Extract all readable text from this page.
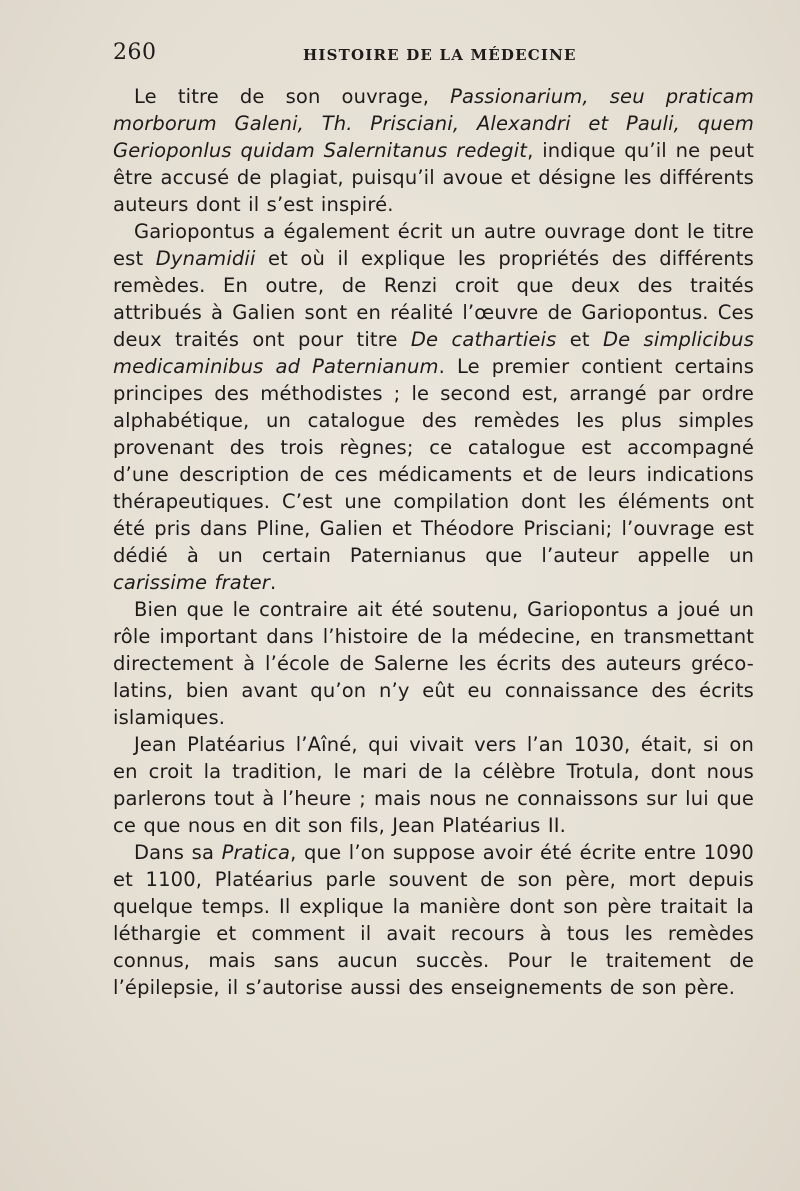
260	HISTOIRE DE LA MÉDECINE

Le titre de son ouvrage, Passionarium, seu praticam morborum Galeni, Th. Prisciani, Alexandri et Pauli, quem Gerioponlus quidam Salernitanus redegit, indique qu’il ne peut être accusé de plagiat, puisqu’il avoue et désigne les différents auteurs dont il s’est inspiré.

Gariopontus a également écrit un autre ouvrage dont le titre est Dynamidii et où il explique les propriétés des différents remèdes. En outre, de Renzi croit que deux des traités attribués à Galien sont en réalité l’œuvre de Gariopontus. Ces deux traités ont pour titre De cathartieis et De simplicibus medicaminibus ad Paternianum. Le premier contient certains principes des méthodistes ; le second est, arrangé par ordre alphabétique, un catalogue des remèdes les plus simples provenant des trois règnes; ce catalogue est accompagné d’une description de ces médicaments et de leurs indications thérapeutiques. C’est une compilation dont les éléments ont été pris dans Pline, Galien et Théodore Prisciani; l’ouvrage est dédié à un certain Paternianus que l’auteur appelle un carissime frater.

Bien que le contraire ait été soutenu, Gariopontus a joué un rôle important dans l’histoire de la médecine, en transmettant directement à l’école de Salerne les écrits des auteurs gréco-latins, bien avant qu’on n’y eût eu connaissance des écrits islamiques.

Jean Platéarius l’Aîné, qui vivait vers l’an 1030, était, si on en croit la tradition, le mari de la célèbre Trotula, dont nous parlerons tout à l’heure ; mais nous ne connaissons sur lui que ce que nous en dit son fils, Jean Platéarius II.

Dans sa Pratica, que l’on suppose avoir été écrite entre 1090 et 1100, Platéarius parle souvent de son père, mort depuis quelque temps. Il explique la manière dont son père traitait la léthargie et comment il avait recours à tous les remèdes connus, mais sans aucun succès. Pour le traitement de l’épilepsie, il s’autorise aussi des enseignements de son père.
